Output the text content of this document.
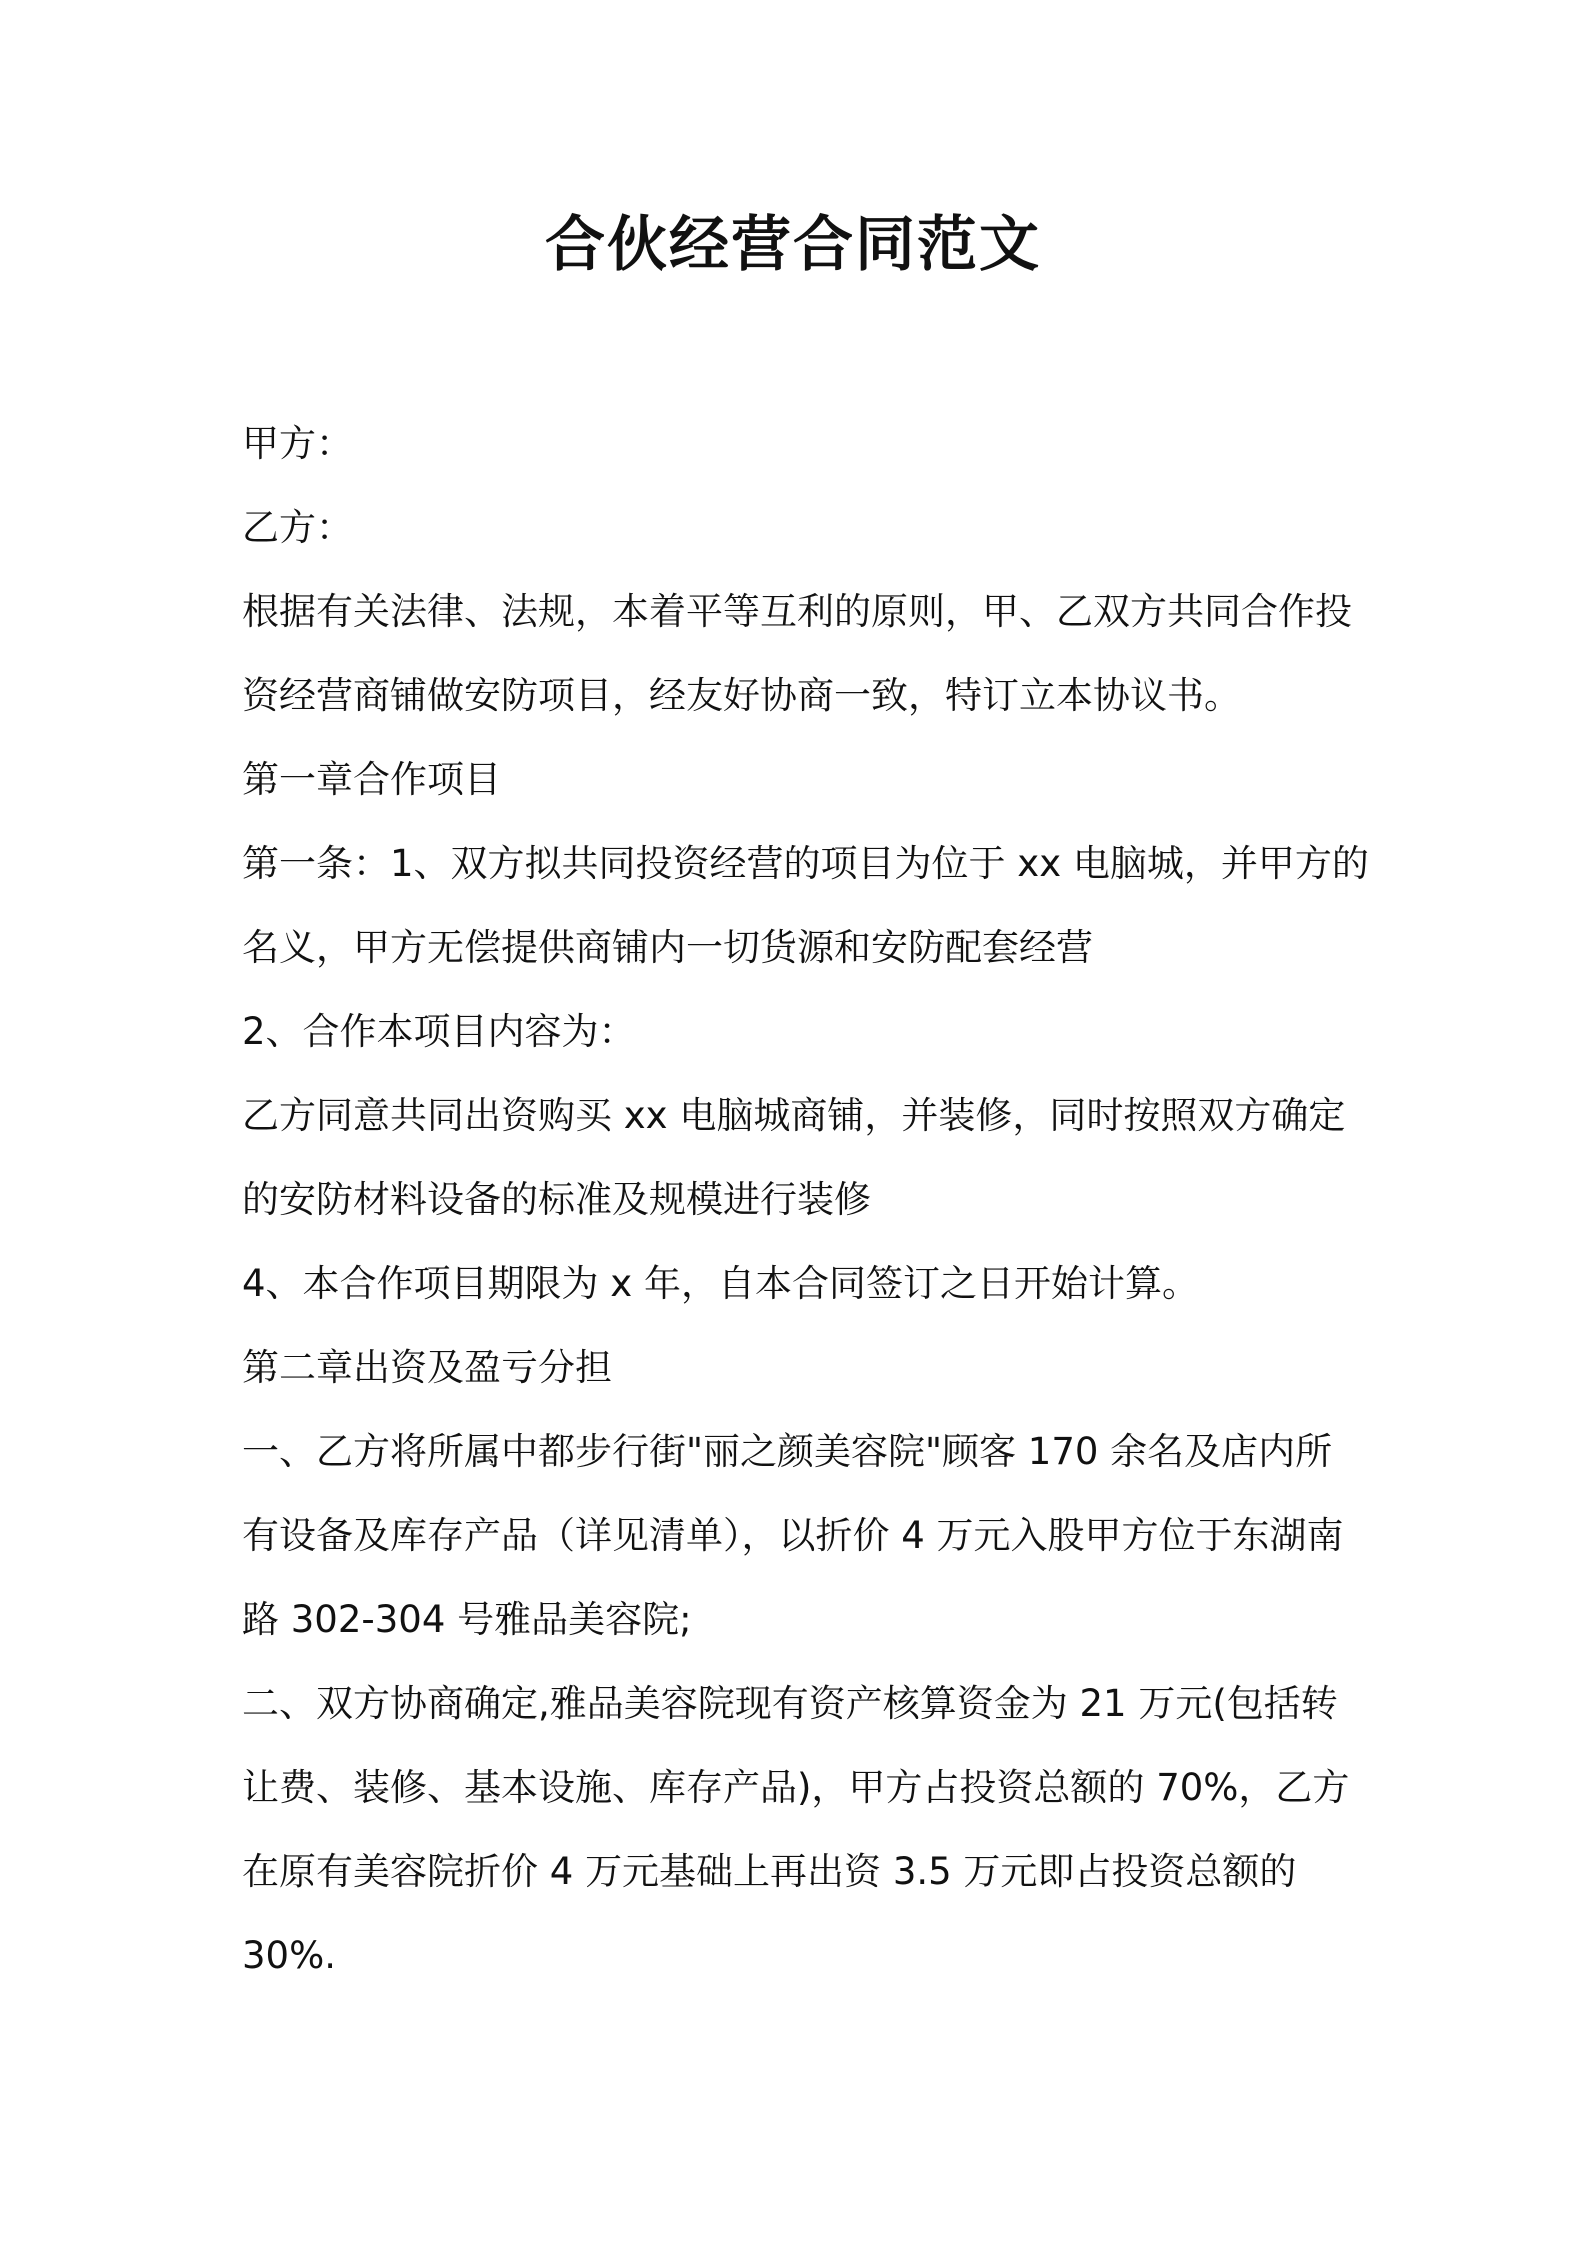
合伙经营合同范文

甲方：

乙方：

根据有关法律、法规，本着平等互利的原则，甲、乙双方共同合作投

资经营商铺做安防项目，经友好协商一致，特订立本协议书。

第一章合作项目

第一条：1、双方拟共同投资经营的项目为位于 xx 电脑城，并甲方的

名义，甲方无偿提供商铺内一切货源和安防配套经营

2、合作本项目内容为：

乙方同意共同出资购买 xx 电脑城商铺，并装修，同时按照双方确定

的安防材料设备的标准及规模进行装修

4、本合作项目期限为 x 年，自本合同签订之日开始计算。

第二章出资及盈亏分担

一、乙方将所属中都步行街"丽之颜美容院"顾客 170 余名及店内所

有设备及库存产品（详见清单），以折价 4 万元入股甲方位于东湖南

路 302-304 号雅品美容院;

二、双方协商确定,雅品美容院现有资产核算资金为 21 万元(包括转

让费、装修、基本设施、库存产品)，甲方占投资总额的 70%，乙方

在原有美容院折价 4 万元基础上再出资 3.5 万元即占投资总额的

30%.
